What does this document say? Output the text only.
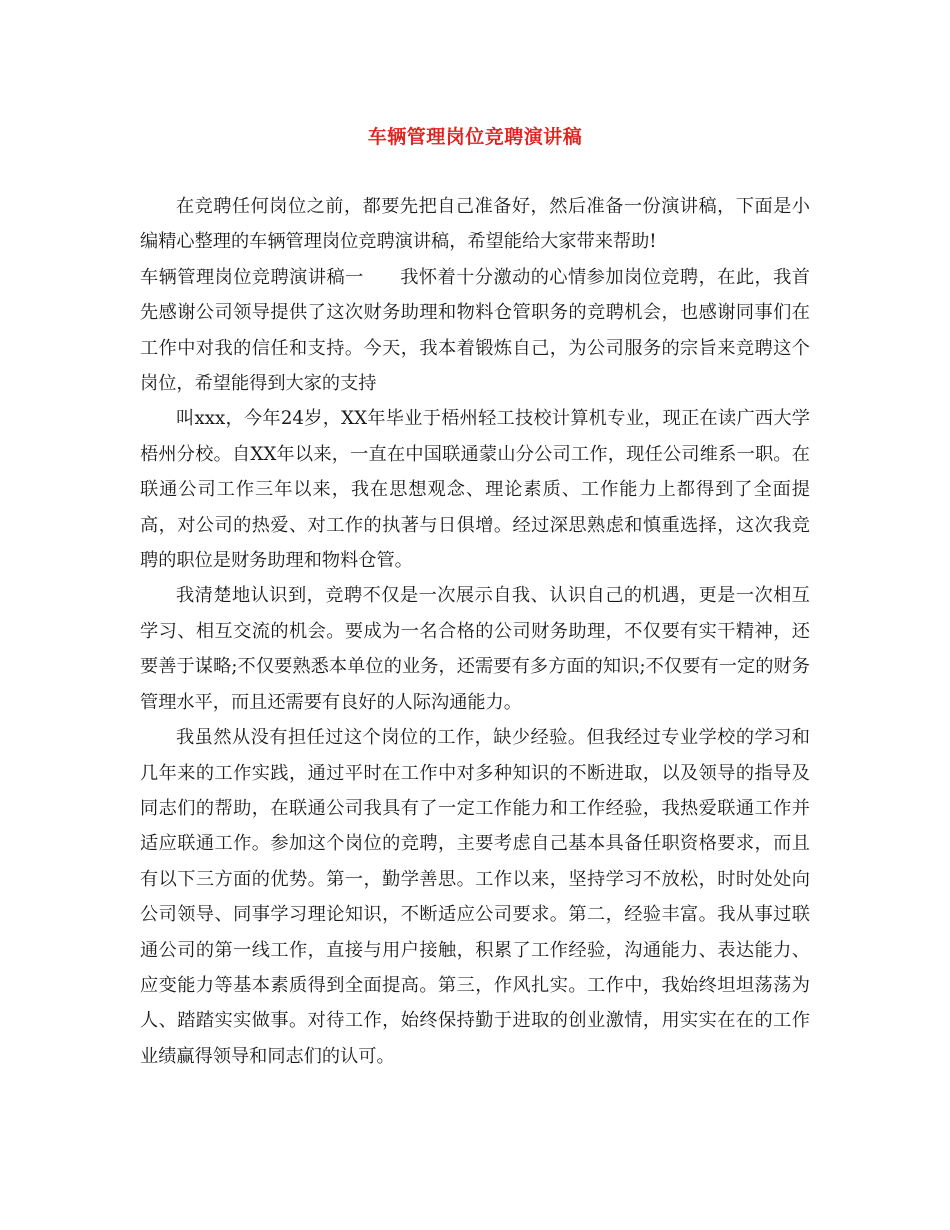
车辆管理岗位竞聘演讲稿

在竞聘任何岗位之前，都要先把自己准备好，然后准备一份演讲稿，下面是小编精心整理的车辆管理岗位竞聘演讲稿，希望能给大家带来帮助!

车辆管理岗位竞聘演讲稿一 我怀着十分激动的心情参加岗位竞聘，在此，我首先感谢公司领导提供了这次财务助理和物料仓管职务的竞聘机会，也感谢同事们在工作中对我的信任和支持。今天，我本着锻炼自己，为公司服务的宗旨来竞聘这个岗位，希望能得到大家的支持

叫xxx，今年24岁，XX年毕业于梧州轻工技校计算机专业，现正在读广西大学梧州分校。自XX年以来，一直在中国联通蒙山分公司工作，现任公司维系一职。在联通公司工作三年以来，我在思想观念、理论素质、工作能力上都得到了全面提高，对公司的热爱、对工作的执著与日俱增。经过深思熟虑和慎重选择，这次我竞聘的职位是财务助理和物料仓管。

我清楚地认识到，竞聘不仅是一次展示自我、认识自己的机遇，更是一次相互学习、相互交流的机会。要成为一名合格的公司财务助理，不仅要有实干精神，还要善于谋略;不仅要熟悉本单位的业务，还需要有多方面的知识;不仅要有一定的财务管理水平，而且还需要有良好的人际沟通能力。

我虽然从没有担任过这个岗位的工作，缺少经验。但我经过专业学校的学习和几年来的工作实践，通过平时在工作中对多种知识的不断进取，以及领导的指导及同志们的帮助，在联通公司我具有了一定工作能力和工作经验，我热爱联通工作并适应联通工作。参加这个岗位的竞聘，主要考虑自己基本具备任职资格要求，而且有以下三方面的优势。第一，勤学善思。工作以来，坚持学习不放松，时时处处向公司领导、同事学习理论知识，不断适应公司要求。第二，经验丰富。我从事过联通公司的第一线工作，直接与用户接触，积累了工作经验，沟通能力、表达能力、应变能力等基本素质得到全面提高。第三，作风扎实。工作中，我始终坦坦荡荡为人、踏踏实实做事。对待工作，始终保持勤于进取的创业激情，用实实在在的工作业绩赢得领导和同志们的认可。
